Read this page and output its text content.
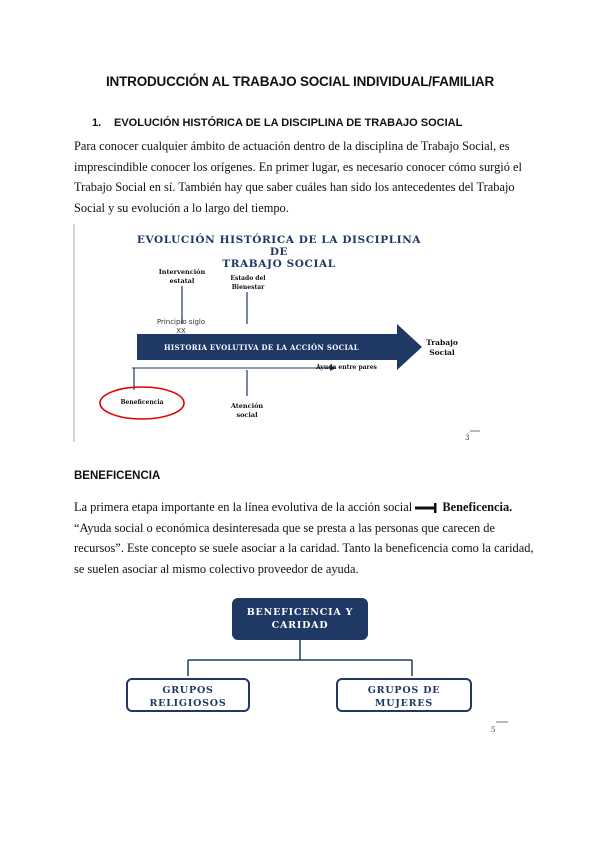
INTRODUCCIÓN AL TRABAJO SOCIAL INDIVIDUAL/FAMILIAR
1. EVOLUCIÓN HISTÓRICA DE LA DISCIPLINA DE TRABAJO SOCIAL
Para conocer cualquier ámbito de actuación dentro de la disciplina de Trabajo Social, es imprescindible conocer los orígenes. En primer lugar, es necesario conocer cómo surgió el Trabajo Social en sí. También hay que saber cuáles han sido los antecedentes del Trabajo Social y su evolución a lo largo del tiempo.
EVOLUCIÓN HISTÓRICA DE LA DISCIPLINA DE
TRABAJO SOCIAL
Intervención
estatal	Estado del
Bienestar
Principio siglo
XX
HISTORIA EVOLUTIVA DE LA ACCIÓN SOCIAL
Trabajo
Social
Ayuda entre pares
Beneficencia	Atención
social
3
BENEFICENCIA
La primera etapa importante en la línea evolutiva de la acción social Beneficencia. “Ayuda social o económica desinteresada que se presta a las personas que carecen de recursos”. Este concepto se suele asociar a la caridad. Tanto la beneficencia como la caridad, se suelen asociar al mismo colectivo proveedor de ayuda.
BENEFICENCIA Y
CARIDAD
GRUPOS
RELIGIOSOS
GRUPOS DE
MUJERES
5
